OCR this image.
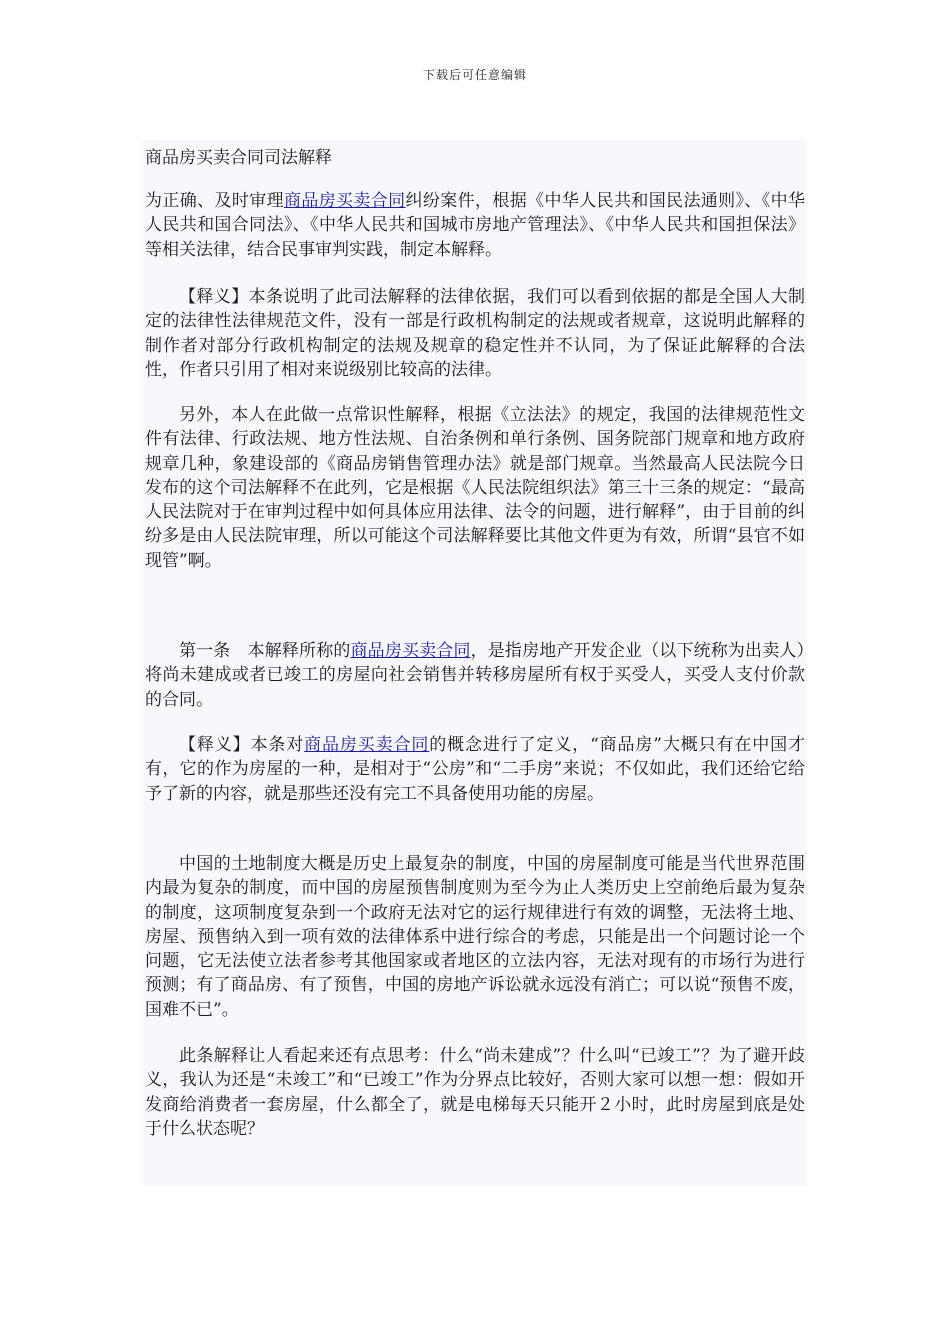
下载后可任意编辑
商品房买卖合同司法解释

为正确、及时审理商品房买卖合同纠纷案件，根据《中华人民共和国民法通则》、《中华人民共和国合同法》、《中华人民共和国城市房地产管理法》、《中华人民共和国担保法》等相关法律，结合民事审判实践，制定本解释。

【释义】本条说明了此司法解释的法律依据，我们可以看到依据的都是全国人大制定的法律性法律规范文件，没有一部是行政机构制定的法规或者规章，这说明此解释的制作者对部分行政机构制定的法规及规章的稳定性并不认同，为了保证此解释的合法性，作者只引用了相对来说级别比较高的法律。

另外，本人在此做一点常识性解释，根据《立法法》的规定，我国的法律规范性文件有法律、行政法规、地方性法规、自治条例和单行条例、国务院部门规章和地方政府规章几种，象建设部的《商品房销售管理办法》就是部门规章。当然最高人民法院今日发布的这个司法解释不在此列，它是根据《人民法院组织法》第三十三条的规定：“最高人民法院对于在审判过程中如何具体应用法律、法令的问题，进行解释”，由于目前的纠纷多是由人民法院审理，所以可能这个司法解释要比其他文件更为有效，所谓“县官不如现管”啊。

第一条　本解释所称的商品房买卖合同，是指房地产开发企业（以下统称为出卖人）将尚未建成或者已竣工的房屋向社会销售并转移房屋所有权于买受人，买受人支付价款的合同。

【释义】本条对商品房买卖合同的概念进行了定义，“商品房”大概只有在中国才有，它的作为房屋的一种，是相对于“公房”和“二手房”来说；不仅如此，我们还给它给予了新的内容，就是那些还没有完工不具备使用功能的房屋。

中国的土地制度大概是历史上最复杂的制度，中国的房屋制度可能是当代世界范围内最为复杂的制度，而中国的房屋预售制度则为至今为止人类历史上空前绝后最为复杂的制度，这项制度复杂到一个政府无法对它的运行规律进行有效的调整，无法将土地、房屋、预售纳入到一项有效的法律体系中进行综合的考虑，只能是出一个问题讨论一个问题，它无法使立法者参考其他国家或者地区的立法内容，无法对现有的市场行为进行预测；有了商品房、有了预售，中国的房地产诉讼就永远没有消亡；可以说“预售不废，国难不已”。

此条解释让人看起来还有点思考：什么“尚未建成”？什么叫“已竣工”？为了避开歧义，我认为还是“未竣工”和“已竣工”作为分界点比较好，否则大家可以想一想：假如开发商给消费者一套房屋，什么都全了，就是电梯每天只能开２小时，此时房屋到底是处于什么状态呢？
